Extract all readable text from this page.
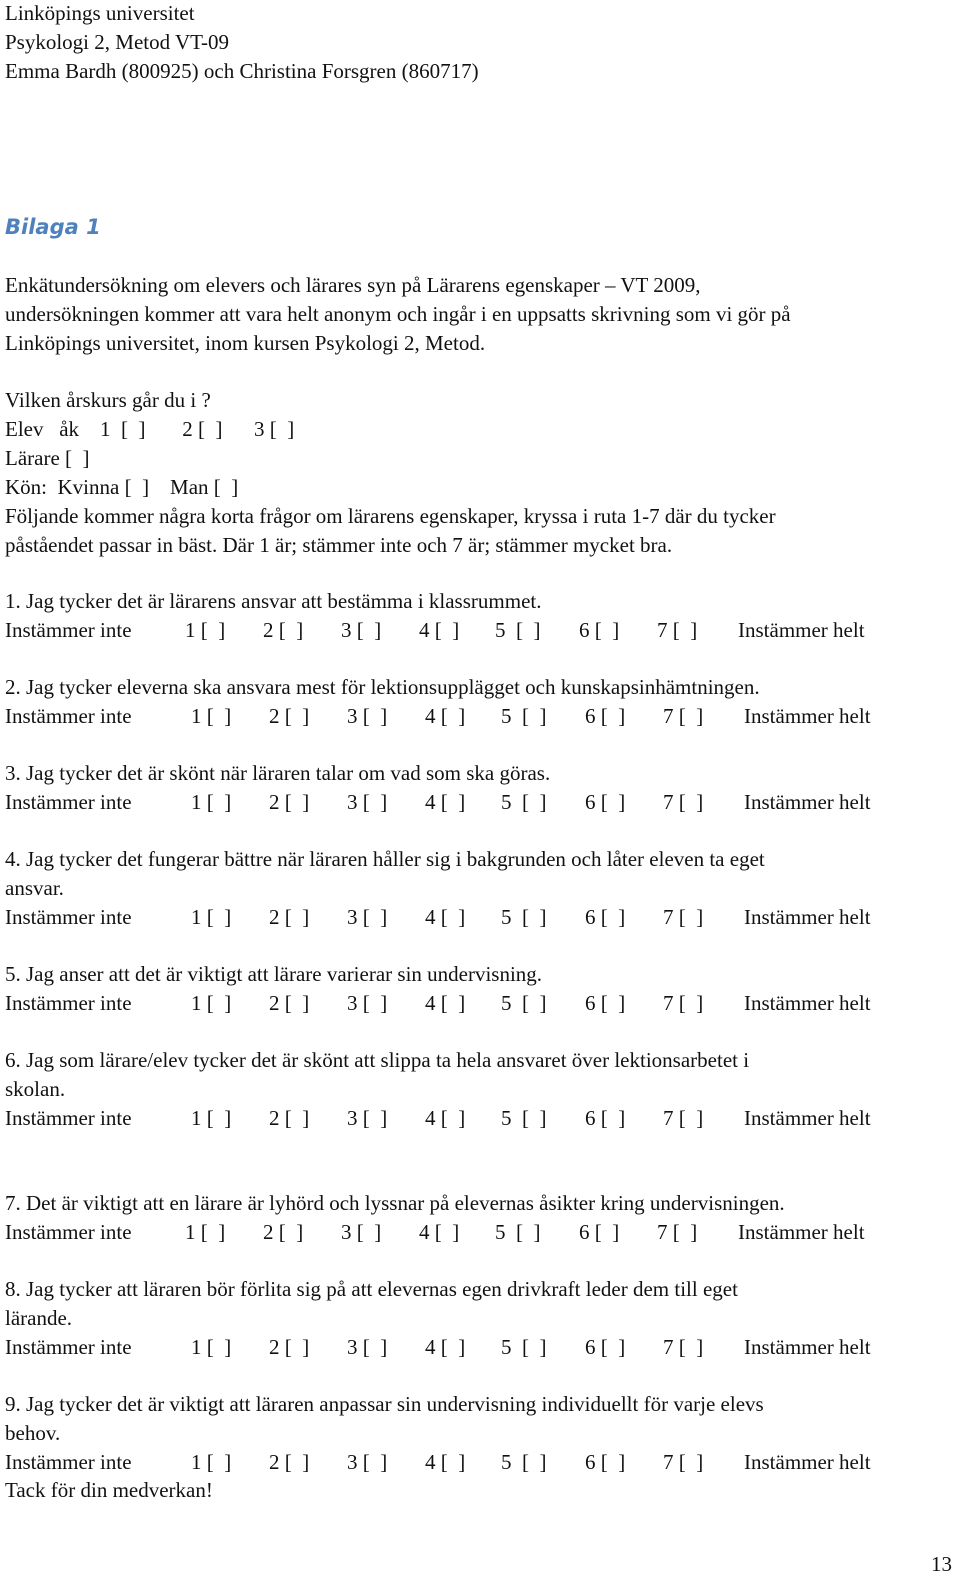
Linköpings universitet
Psykologi 2, Metod VT-09
Emma Bardh (800925) och Christina Forsgren (860717)
Bilaga 1
Enkätundersökning om elevers och lärares syn på Lärarens egenskaper – VT 2009,
undersökningen kommer att vara helt anonym och ingår i en uppsatts skrivning som vi gör på
Linköpings universitet, inom kursen Psykologi 2, Metod.
Vilken årskurs går du i ?
Elev   åk    1  [  ]       2 [  ]      3 [  ]
Lärare [  ]
Kön:  Kvinna [  ]    Man [  ]
Följande kommer några korta frågor om lärarens egenskaper, kryssa i ruta 1-7 där du tycker
påståendet passar in bäst. Där 1 är; stämmer inte och 7 är; stämmer mycket bra.
1. Jag tycker det är lärarens ansvar att bestämma i klassrummet.
Instämmer inte	1 [  ] 2 [  ] 3 [  ] 4 [  ] 5  [  ] 6 [  ] 7 [  ] Instämmer helt
2. Jag tycker eleverna ska ansvara mest för lektionsupplägget och kunskapsinhämtningen.
Instämmer inte	1 [  ] 2 [  ] 3 [  ] 4 [  ] 5  [  ] 6 [  ] 7 [  ] Instämmer helt
3. Jag tycker det är skönt när läraren talar om vad som ska göras.
Instämmer inte	1 [  ] 2 [  ] 3 [  ] 4 [  ] 5  [  ] 6 [  ] 7 [  ] Instämmer helt
4. Jag tycker det fungerar bättre när läraren håller sig i bakgrunden och låter eleven ta eget
ansvar.
Instämmer inte	1 [  ] 2 [  ] 3 [  ] 4 [  ] 5  [  ] 6 [  ] 7 [  ] Instämmer helt
5. Jag anser att det är viktigt att lärare varierar sin undervisning.
Instämmer inte	1 [  ] 2 [  ] 3 [  ] 4 [  ] 5  [  ] 6 [  ] 7 [  ] Instämmer helt
6. Jag som lärare/elev tycker det är skönt att slippa ta hela ansvaret över lektionsarbetet i
skolan.
Instämmer inte	1 [  ] 2 [  ] 3 [  ] 4 [  ] 5  [  ] 6 [  ] 7 [  ] Instämmer helt
7. Det är viktigt att en lärare är lyhörd och lyssnar på elevernas åsikter kring undervisningen.
Instämmer inte	1 [  ] 2 [  ] 3 [  ] 4 [  ] 5  [  ] 6 [  ] 7 [  ] Instämmer helt
8. Jag tycker att läraren bör förlita sig på att elevernas egen drivkraft leder dem till eget
lärande.
Instämmer inte	1 [  ] 2 [  ] 3 [  ] 4 [  ] 5  [  ] 6 [  ] 7 [  ] Instämmer helt
9. Jag tycker det är viktigt att läraren anpassar sin undervisning individuellt för varje elevs
behov.
Instämmer inte	1 [  ] 2 [  ] 3 [  ] 4 [  ] 5  [  ] 6 [  ] 7 [  ] Instämmer helt
Tack för din medverkan!
13
